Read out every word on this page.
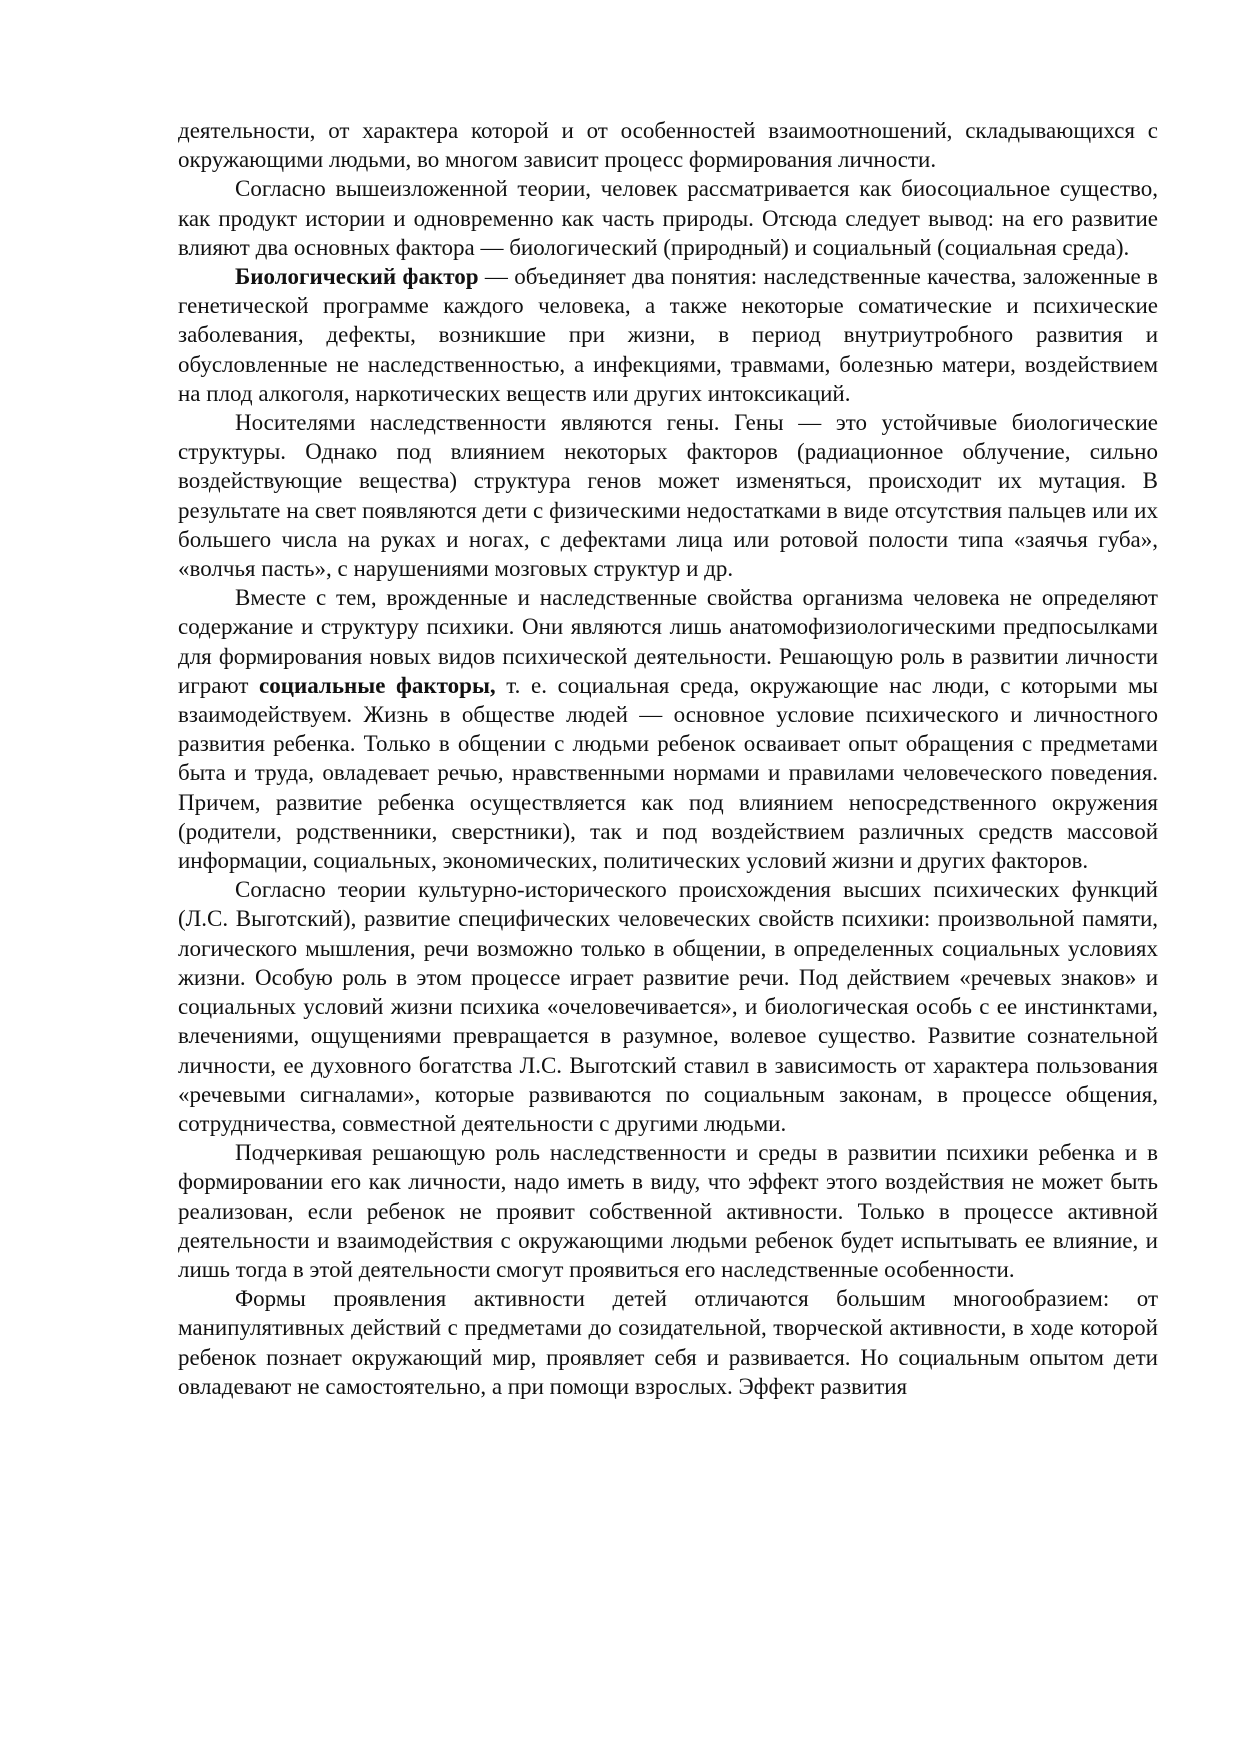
деятельности, от характера которой и от особенностей взаимоотношений, складывающихся с окружающими людьми, во многом зависит процесс формирования личности.

Согласно вышеизложенной теории, человек рассматривается как биосоциальное существо, как продукт истории и одновременно как часть природы. Отсюда следует вывод: на его развитие влияют два основных фактора — биологический (природный) и социальный (социальная среда).

Биологический фактор — объединяет два понятия: наследственные качества, заложенные в генетической программе каждого человека, а также некоторые соматические и психические заболевания, дефекты, возникшие при жизни, в период внутриутробного развития и обусловленные не наследственностью, а инфекциями, травмами, болезнью матери, воздействием на плод алкоголя, наркотических веществ или других интоксикаций.

Носителями наследственности являются гены. Гены — это устойчивые биологические структуры. Однако под влиянием некоторых факторов (радиационное облучение, сильно воздействующие вещества) структура генов может изменяться, происходит их мутация. В результате на свет появляются дети с физическими недостатками в виде отсутствия пальцев или их большего числа на руках и ногах, с дефектами лица или ротовой полости типа «заячья губа», «волчья пасть», с нарушениями мозговых структур и др.

Вместе с тем, врожденные и наследственные свойства организма человека не определяют содержание и структуру психики. Они являются лишь анатомофизиологическими предпосылками для формирования новых видов психической деятельности. Решающую роль в развитии личности играют социальные факторы, т. е. социальная среда, окружающие нас люди, с которыми мы взаимодействуем. Жизнь в обществе людей — основное условие психического и личностного развития ребенка. Только в общении с людьми ребенок осваивает опыт обращения с предметами быта и труда, овладевает речью, нравственными нормами и правилами человеческого поведения. Причем, развитие ребенка осуществляется как под влиянием непосредственного окружения (родители, родственники, сверстники), так и под воздействием различных средств массовой информации, социальных, экономических, политических условий жизни и других факторов.

Согласно теории культурно-исторического происхождения высших психических функций (Л.С. Выготский), развитие специфических человеческих свойств психики: произвольной памяти, логического мышления, речи возможно только в общении, в определенных социальных условиях жизни. Особую роль в этом процессе играет развитие речи. Под действием «речевых знаков» и социальных условий жизни психика «очеловечивается», и биологическая особь с ее инстинктами, влечениями, ощущениями превращается в разумное, волевое существо. Развитие сознательной личности, ее духовного богатства Л.С. Выготский ставил в зависимость от характера пользования «речевыми сигналами», которые развиваются по социальным законам, в процессе общения, сотрудничества, совместной деятельности с другими людьми.

Подчеркивая решающую роль наследственности и среды в развитии психики ребенка и в формировании его как личности, надо иметь в виду, что эффект этого воздействия не может быть реализован, если ребенок не проявит собственной активности. Только в процессе активной деятельности и взаимодействия с окружающими людьми ребенок будет испытывать ее влияние, и лишь тогда в этой деятельности смогут проявиться его наследственные особенности.

Формы проявления активности детей отличаются большим многообразием: от манипулятивных действий с предметами до созидательной, творческой активности, в ходе которой ребенок познает окружающий мир, проявляет себя и развивается. Но социальным опытом дети овладевают не самостоятельно, а при помощи взрослых. Эффект развития
